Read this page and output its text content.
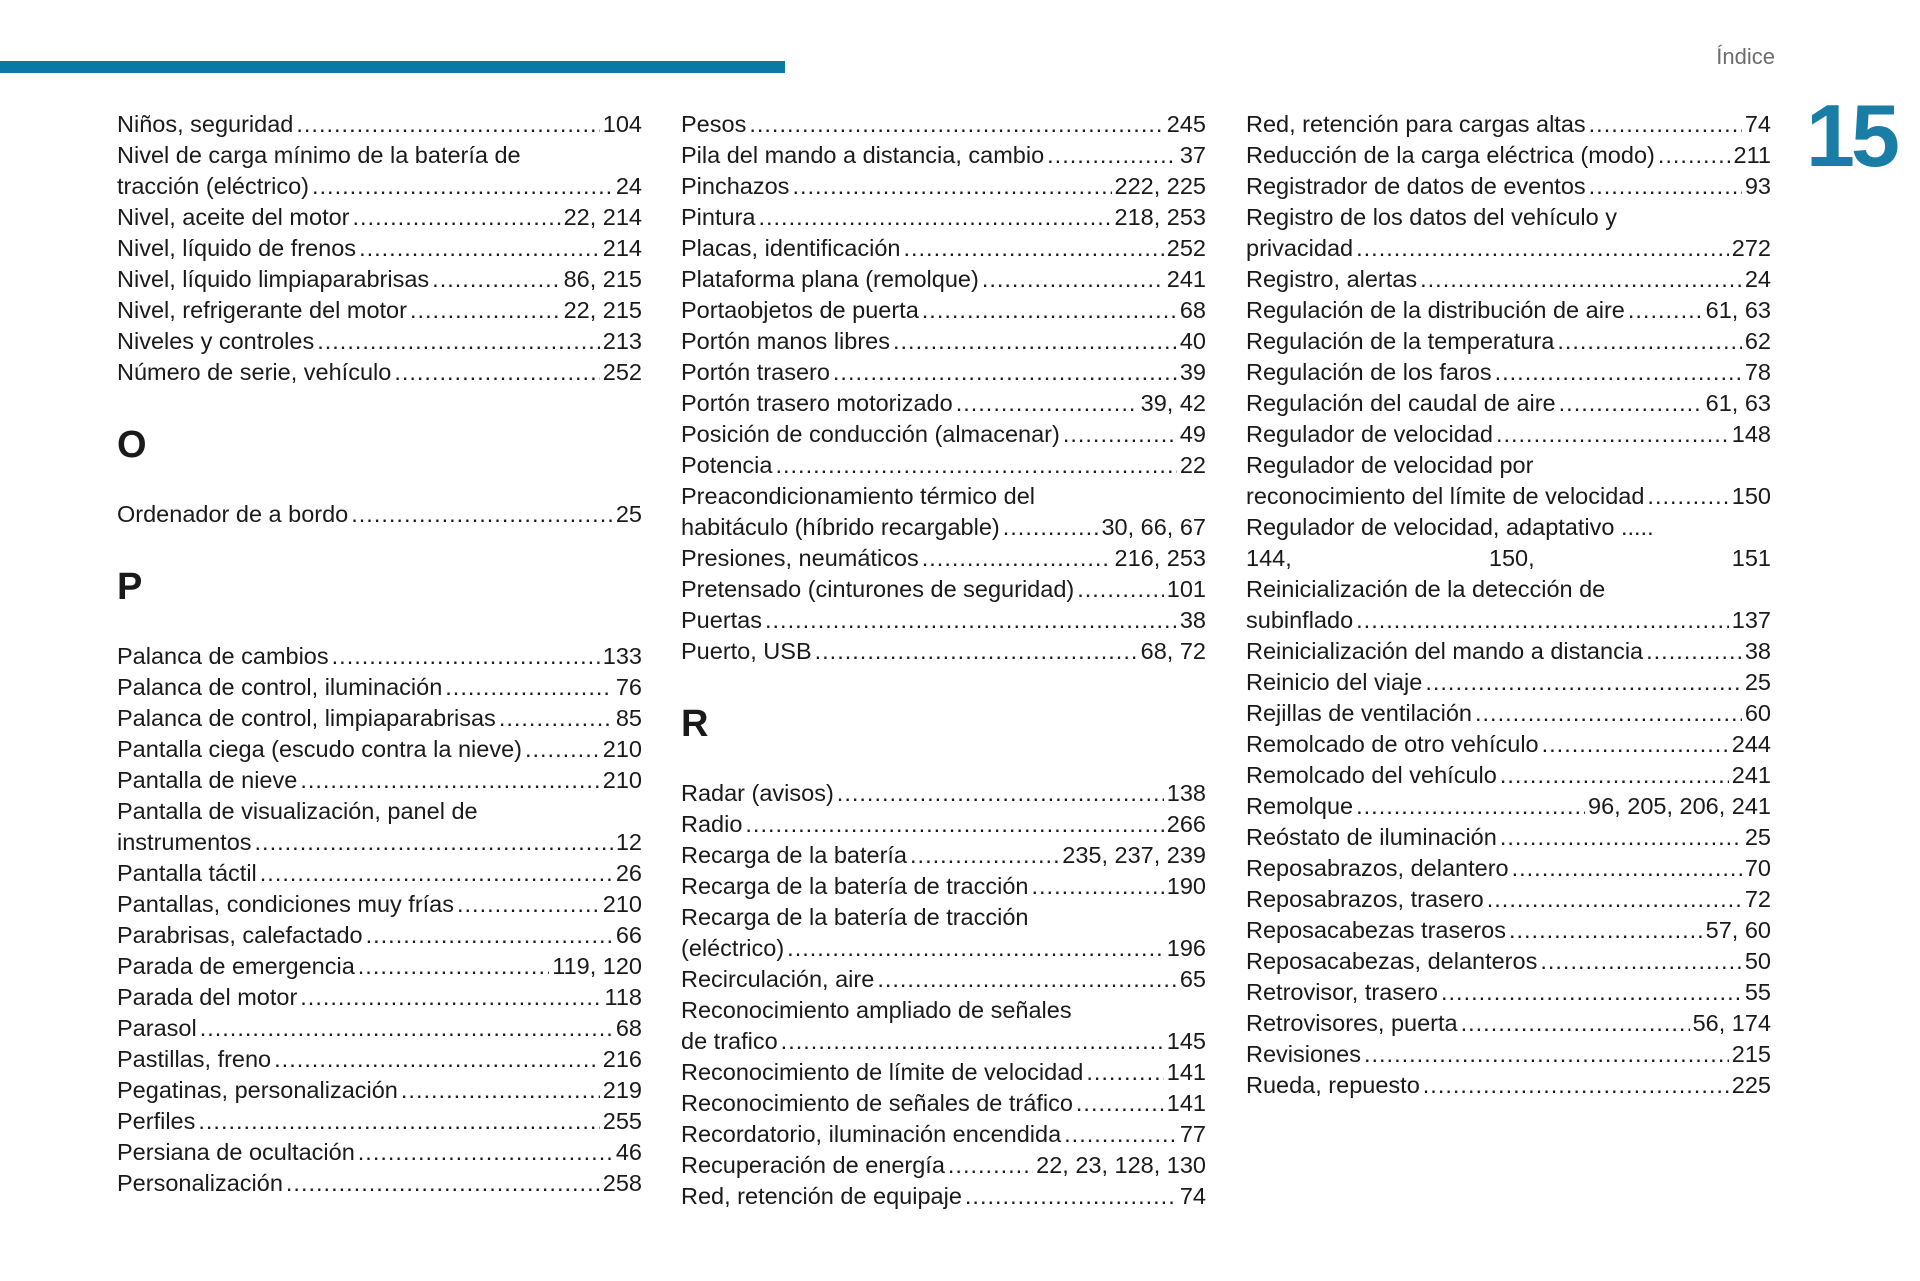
Índice
15
Niños, seguridad .....	104
Nivel de carga mínimo de la batería de
tracción (eléctrico) .....	24
Nivel, aceite del motor .....	22, 214
Nivel, líquido de frenos .....	214
Nivel, líquido limpiaparabrisas .....	86, 215
Nivel, refrigerante del motor .....	22, 215
Niveles y controles .....	213
Número de serie, vehículo .....	252
O
Ordenador de a bordo .....	25
P
Palanca de cambios .....	133
Palanca de control, iluminación .....	76
Palanca de control, limpiaparabrisas .....	85
Pantalla ciega (escudo contra la nieve) .....	210
Pantalla de nieve .....	210
Pantalla de visualización, panel de
instrumentos .....	12
Pantalla táctil .....	26
Pantallas, condiciones muy frías .....	210
Parabrisas, calefactado .....	66
Parada de emergencia .....	119, 120
Parada del motor .....	118
Parasol .....	68
Pastillas, freno .....	216
Pegatinas, personalización .....	219
Perfiles .....	255
Persiana de ocultación .....	46
Personalización .....	258
Pesos .....	245
Pila del mando a distancia, cambio .....	37
Pinchazos .....	222, 225
Pintura .....	218, 253
Placas, identificación .....	252
Plataforma plana (remolque) .....	241
Portaobjetos de puerta .....	68
Portón manos libres .....	40
Portón trasero .....	39
Portón trasero motorizado .....	39, 42
Posición de conducción (almacenar) .....	49
Potencia .....	22
Preacondicionamiento térmico del
habitáculo (híbrido recargable) .....	30, 66, 67
Presiones, neumáticos .....	216, 253
Pretensado (cinturones de seguridad) .....	101
Puertas .....	38
Puerto, USB .....	68, 72
R
Radar (avisos) .....	138
Radio .....	266
Recarga de la batería .....	235, 237, 239
Recarga de la batería de tracción .....	190
Recarga de la batería de tracción
(eléctrico) .....	196
Recirculación, aire .....	65
Reconocimiento ampliado de señales
de trafico .....	145
Reconocimiento de límite de velocidad .....	141
Reconocimiento de señales de tráfico .....	141
Recordatorio, iluminación encendida .....	77
Recuperación de energía .....	22, 23, 128, 130
Red, retención de equipaje .....	74
Red, retención para cargas altas .....	74
Reducción de la carga eléctrica (modo) .....	211
Registrador de datos de eventos .....	93
Registro de los datos del vehículo y
privacidad .....	272
Registro, alertas .....	24
Regulación de la distribución de aire .....	61, 63
Regulación de la temperatura .....	62
Regulación de los faros .....	78
Regulación del caudal de aire .....	61, 63
Regulador de velocidad .....	148
Regulador de velocidad por
reconocimiento del límite de velocidad .....	150
Regulador de velocidad, adaptativo .....
144,	150,	151
Reinicialización de la detección de
subinflado .....	137
Reinicialización del mando a distancia .....	38
Reinicio del viaje .....	25
Rejillas de ventilación .....	60
Remolcado de otro vehículo .....	244
Remolcado del vehículo .....	241
Remolque .....	96, 205, 206, 241
Reóstato de iluminación .....	25
Reposabrazos, delantero .....	70
Reposabrazos, trasero .....	72
Reposacabezas traseros .....	57, 60
Reposacabezas, delanteros .....	50
Retrovisor, trasero .....	55
Retrovisores, puerta .....	56, 174
Revisiones .....	215
Rueda, repuesto .....	225
